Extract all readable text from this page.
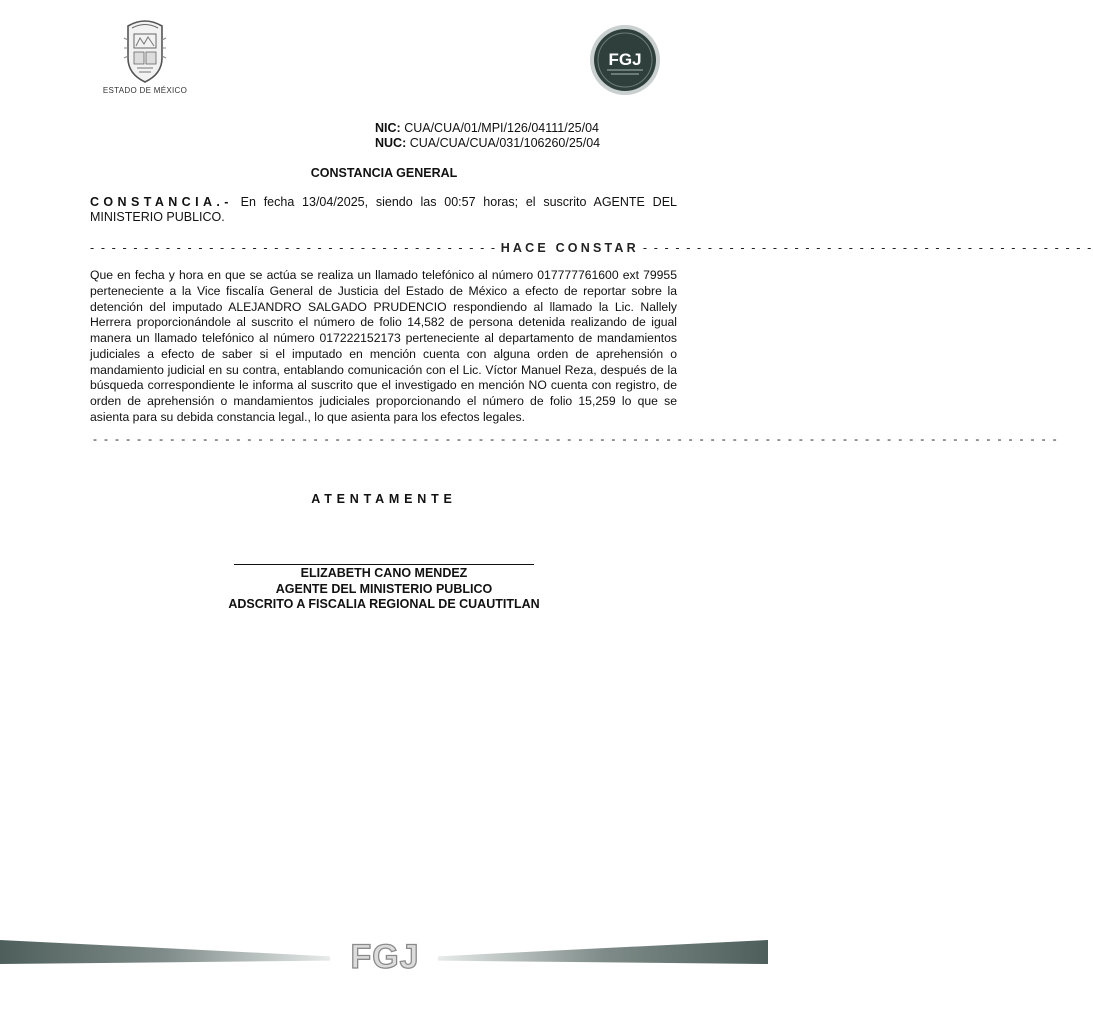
ESTADO DE MÉXICO
FGJ
NIC: CUA/CUA/01/MPI/126/04111/25/04
NUC: CUA/CUA/CUA/031/106260/25/04
CONSTANCIA GENERAL
CONSTANCIA.- En fecha 13/04/2025, siendo las 00:57 horas; el suscrito AGENTE DEL MINISTERIO PUBLICO.
- - - - - - - - - - - - - - - - - - - - - - - - - - - - - - - - - - - - - - HACE CONSTAR - - - - - - - - - - - - - - - - - - - - - - - - - - - - - - - - - - - - - - - - - -
Que en fecha y hora en que se actúa se realiza un llamado telefónico al número 017777761600 ext 79955 perteneciente a la Vice fiscalía General de Justicia del Estado de México a efecto de reportar sobre la detención del imputado ALEJANDRO SALGADO PRUDENCIO respondiendo al llamado la Lic. Nallely Herrera proporcionándole al suscrito el número de folio 14,582 de persona detenida realizando de igual manera un llamado telefónico al número 017222152173 perteneciente al departamento de mandamientos judiciales a efecto de saber si el imputado en mención cuenta con alguna orden de aprehensión o mandamiento judicial en su contra, entablando comunicación con el Lic. Víctor Manuel Reza, después de la búsqueda correspondiente le informa al suscrito que el investigado en mención NO cuenta con registro, de orden de aprehensión o mandamientos judiciales proporcionando el número de folio 15,259 lo que se asienta para su debida constancia legal., lo que asienta para los efectos legales.
- - - - - - - - - - - - - - - - - - - - - - - - - - - - - - - - - - - - - - - - - - - - - - - - - - - - - - - - - - - - - - - - - - - - - - - - - - - - - - - - - - - - - - - -
ATENTAMENTE
ELIZABETH CANO MENDEZ
AGENTE DEL MINISTERIO PUBLICO
ADSCRITO A FISCALIA REGIONAL DE CUAUTITLAN
FGJ
